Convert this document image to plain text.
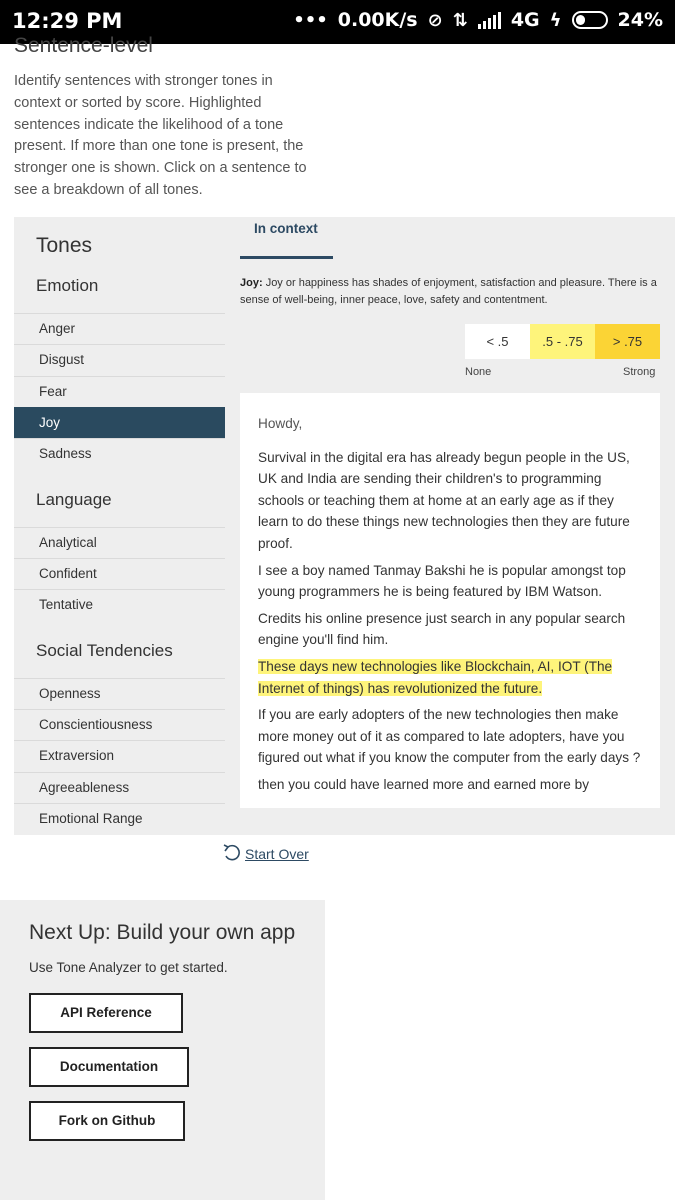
12:29 PM	••• 0.00K/s ⊘ ⇅ 4G ϟ	24%
Sentence-level
Identify sentences with stronger tones in context or sorted by score. Highlighted sentences indicate the likelihood of a tone present. If more than one tone is present, the stronger one is shown. Click on a sentence to see a breakdown of all tones.
Tones
Emotion
Anger
Disgust
Fear
Joy
Sadness
Language
Analytical
Confident
Tentative
Social Tendencies
Openness
Conscientiousness
Extraversion
Agreeableness
Emotional Range
In context
Joy: Joy or happiness has shades of enjoyment, satisfaction and pleasure. There is a sense of well-being, inner peace, love, safety and contentment.
< .5	.5 - .75	> .75
None	Strong

Howdy,

Survival in the digital era has already begun people in the US, UK and India are sending their children's to programming schools or teaching them at home at an early age as if they learn to do these things new technologies then they are future proof.

I see a boy named Tanmay Bakshi he is popular amongst top young programmers he is being featured by IBM Watson.

Credits his online presence just search in any popular search engine you'll find him.

These days new technologies like Blockchain, AI, IOT (The Internet of things) has revolutionized the future.

If you are early adopters of the new technologies then make more money out of it as compared to late adopters, have you figured out what if you know the computer from the early days ?

then you could have learned more and earned more by

Start Over
Next Up: Build your own app
Use Tone Analyzer to get started.
API Reference
Documentation
Fork on Github
